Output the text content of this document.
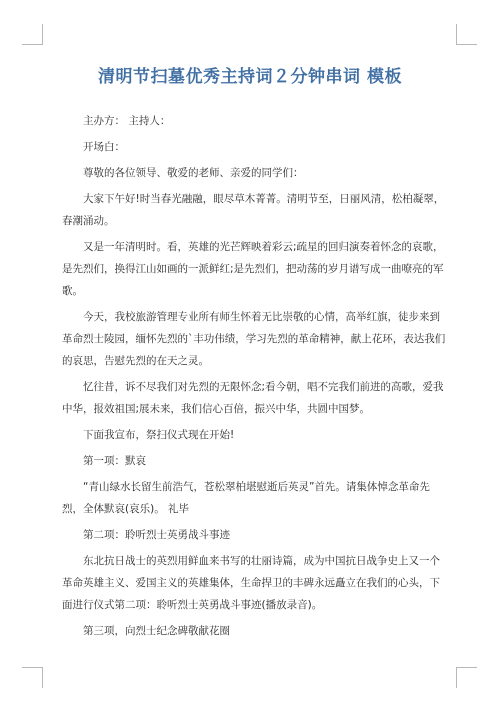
清明节扫墓优秀主持词２分钟串词 模板

主办方： 主持人：

开场白：

尊敬的各位领导、敬爱的老师、亲爱的同学们：

大家下午好!时当春光融融，眼尽草木菁菁。清明节至，日丽风清，松柏凝翠，春潮涌动。

又是一年清明时。看，英雄的光芒辉映着彩云;疏星的回归演奏着怀念的哀歌，是先烈们，换得江山如画的一派鲜红;是先烈们，把动荡的岁月谱写成一曲嘹亮的军歌。

今天，我校旅游管理专业所有师生怀着无比崇敬的心情，高举红旗，徒步来到革命烈士陵园，缅怀先烈的`丰功伟绩，学习先烈的革命精神，献上花环，表达我们的哀思，告慰先烈的在天之灵。

忆往昔，诉不尽我们对先烈的无限怀念;看今朝，唱不完我们前进的高歌，爱我中华，报效祖国;展未来，我们信心百倍，振兴中华，共圆中国梦。

下面我宣布，祭扫仪式现在开始!

第一项：默哀

“青山绿水长留生前浩气，苍松翠柏堪慰逝后英灵”首先。请集体悼念革命先烈，全体默哀(哀乐)。 礼毕

第二项：聆听烈士英勇战斗事迹

东北抗日战士的英烈用鲜血来书写的壮丽诗篇，成为中国抗日战争史上又一个革命英雄主义、爱国主义的英雄集体，生命捍卫的丰碑永远矗立在我们的心头，下面进行仪式第二项：聆听烈士英勇战斗事迹(播放录音)。

第三项，向烈士纪念碑敬献花圈
